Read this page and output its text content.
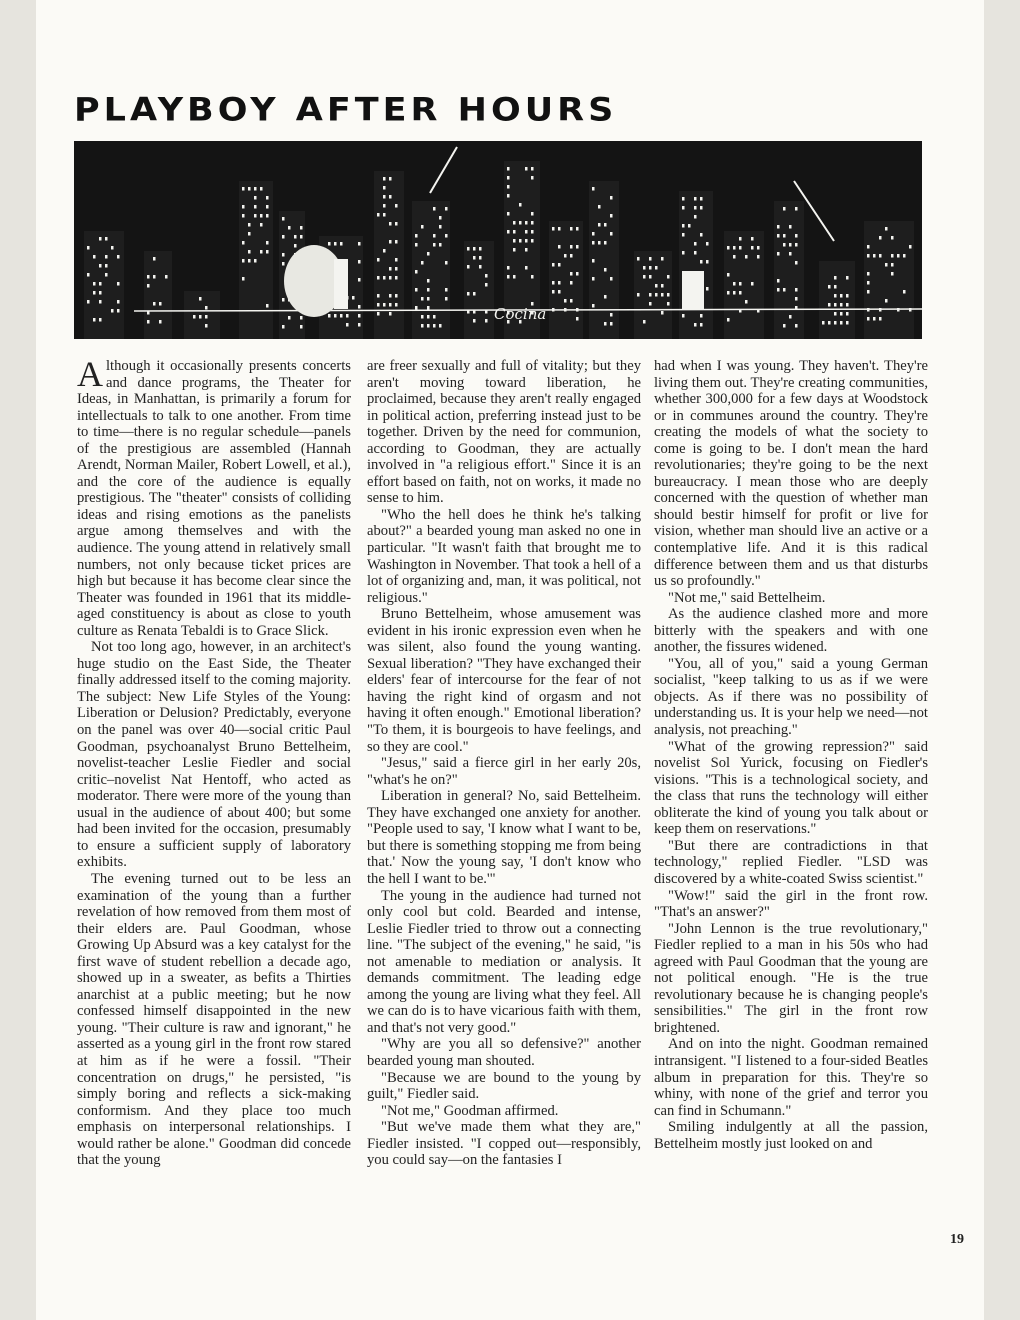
PLAYBOY AFTER HOURS
Cocina

Although it occasionally presents concerts and dance programs, the Theater for Ideas, in Manhattan, is primarily a forum for intellectuals to talk to one another. From time to time—there is no regular schedule—panels of the prestigious are assembled (Hannah Arendt, Norman Mailer, Robert Lowell, et al.), and the core of the audience is equally prestigious. The "theater" consists of colliding ideas and rising emotions as the panelists argue among themselves and with the audience. The young attend in relatively small numbers, not only because ticket prices are high but because it has become clear since the Theater was founded in 1961 that its middle-aged constituency is about as close to youth culture as Renata Tebaldi is to Grace Slick.

Not too long ago, however, in an architect's huge studio on the East Side, the Theater finally addressed itself to the coming majority. The subject: New Life Styles of the Young: Liberation or Delusion? Predictably, everyone on the panel was over 40—social critic Paul Goodman, psychoanalyst Bruno Bettelheim, novelist-teacher Leslie Fiedler and social critic–novelist Nat Hentoff, who acted as moderator. There were more of the young than usual in the audience of about 400; but some had been invited for the occasion, presumably to ensure a sufficient supply of laboratory exhibits.

The evening turned out to be less an examination of the young than a further revelation of how removed from them most of their elders are. Paul Goodman, whose Growing Up Absurd was a key catalyst for the first wave of student rebellion a decade ago, showed up in a sweater, as befits a Thirties anarchist at a public meeting; but he now confessed himself disappointed in the new young. "Their culture is raw and ignorant," he asserted as a young girl in the front row stared at him as if he were a fossil. "Their concentration on drugs," he persisted, "is simply boring and reflects a sick-making conformism. And they place too much emphasis on interpersonal relationships. I would rather be alone." Goodman did concede that the young

are freer sexually and full of vitality; but they aren't moving toward liberation, he proclaimed, because they aren't really engaged in political action, preferring instead just to be together. Driven by the need for communion, according to Goodman, they are actually involved in "a religious effort." Since it is an effort based on faith, not on works, it made no sense to him.

"Who the hell does he think he's talking about?" a bearded young man asked no one in particular. "It wasn't faith that brought me to Washington in November. That took a hell of a lot of organizing and, man, it was political, not religious."

Bruno Bettelheim, whose amusement was evident in his ironic expression even when he was silent, also found the young wanting. Sexual liberation? "They have exchanged their elders' fear of intercourse for the fear of not having the right kind of orgasm and not having it often enough." Emotional liberation? "To them, it is bourgeois to have feelings, and so they are cool."

"Jesus," said a fierce girl in her early 20s, "what's he on?"

Liberation in general? No, said Bettelheim. They have exchanged one anxiety for another. "People used to say, 'I know what I want to be, but there is something stopping me from being that.' Now the young say, 'I don't know who the hell I want to be.'"

The young in the audience had turned not only cool but cold. Bearded and intense, Leslie Fiedler tried to throw out a connecting line. "The subject of the evening," he said, "is not amenable to mediation or analysis. It demands commitment. The leading edge among the young are living what they feel. All we can do is to have vicarious faith with them, and that's not very good."

"Why are you all so defensive?" another bearded young man shouted.

"Because we are bound to the young by guilt," Fiedler said.

"Not me," Goodman affirmed.

"But we've made them what they are," Fiedler insisted. "I copped out—responsibly, you could say—on the fantasies I

had when I was young. They haven't. They're living them out. They're creating communities, whether 300,000 for a few days at Woodstock or in communes around the country. They're creating the models of what the society to come is going to be. I don't mean the hard revolutionaries; they're going to be the next bureaucracy. I mean those who are deeply concerned with the question of whether man should bestir himself for profit or live for vision, whether man should live an active or a contemplative life. And it is this radical difference between them and us that disturbs us so profoundly."

"Not me," said Bettelheim.

As the audience clashed more and more bitterly with the speakers and with one another, the fissures widened.

"You, all of you," said a young German socialist, "keep talking to us as if we were objects. As if there was no possibility of understanding us. It is your help we need—not analysis, not preaching."

"What of the growing repression?" said novelist Sol Yurick, focusing on Fiedler's visions. "This is a technological society, and the class that runs the technology will either obliterate the kind of young you talk about or keep them on reservations."

"But there are contradictions in that technology," replied Fiedler. "LSD was discovered by a white-coated Swiss scientist."

"Wow!" said the girl in the front row. "That's an answer?"

"John Lennon is the true revolutionary," Fiedler replied to a man in his 50s who had agreed with Paul Goodman that the young are not political enough. "He is the true revolutionary because he is changing people's sensibilities." The girl in the front row brightened.

And on into the night. Goodman remained intransigent. "I listened to a four-sided Beatles album in preparation for this. They're so whiny, with none of the grief and terror you can find in Schumann."

Smiling indulgently at all the passion, Bettelheim mostly just looked on and

19
